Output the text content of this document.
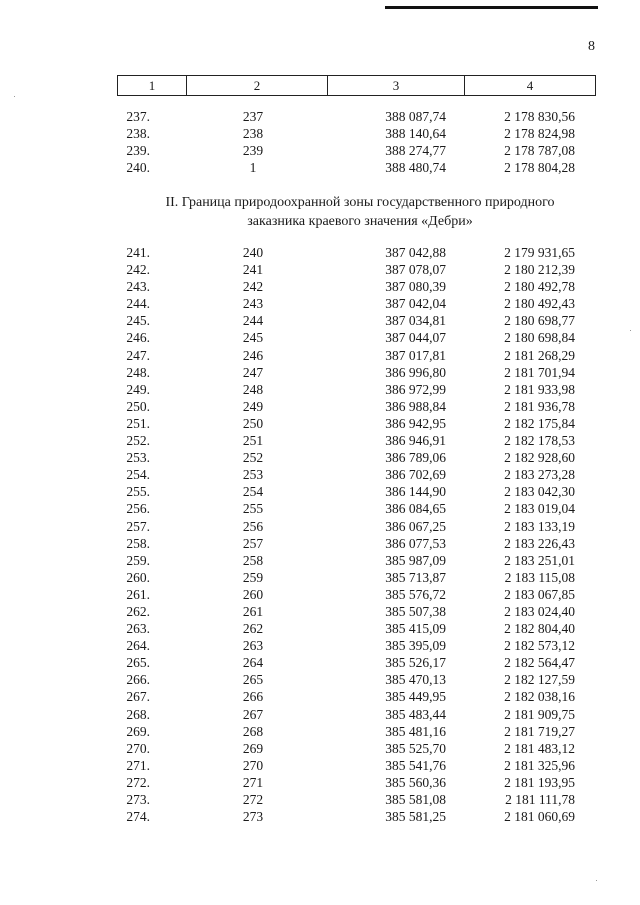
8
1	2	3	4
237.	237	388 087,74	2 178 830,56
238.	238	388 140,64	2 178 824,98
239.	239	388 274,77	2 178 787,08
240.	1	388 480,74	2 178 804,28
II. Граница природоохранной зоны государственного природного
заказника краевого значения «Дебри»
241.	240	387 042,88	2 179 931,65
242.	241	387 078,07	2 180 212,39
243.	242	387 080,39	2 180 492,78
244.	243	387 042,04	2 180 492,43
245.	244	387 034,81	2 180 698,77
246.	245	387 044,07	2 180 698,84
247.	246	387 017,81	2 181 268,29
248.	247	386 996,80	2 181 701,94
249.	248	386 972,99	2 181 933,98
250.	249	386 988,84	2 181 936,78
251.	250	386 942,95	2 182 175,84
252.	251	386 946,91	2 182 178,53
253.	252	386 789,06	2 182 928,60
254.	253	386 702,69	2 183 273,28
255.	254	386 144,90	2 183 042,30
256.	255	386 084,65	2 183 019,04
257.	256	386 067,25	2 183 133,19
258.	257	386 077,53	2 183 226,43
259.	258	385 987,09	2 183 251,01
260.	259	385 713,87	2 183 115,08
261.	260	385 576,72	2 183 067,85
262.	261	385 507,38	2 183 024,40
263.	262	385 415,09	2 182 804,40
264.	263	385 395,09	2 182 573,12
265.	264	385 526,17	2 182 564,47
266.	265	385 470,13	2 182 127,59
267.	266	385 449,95	2 182 038,16
268.	267	385 483,44	2 181 909,75
269.	268	385 481,16	2 181 719,27
270.	269	385 525,70	2 181 483,12
271.	270	385 541,76	2 181 325,96
272.	271	385 560,36	2 181 193,95
273.	272	385 581,08	2 181 111,78
274.	273	385 581,25	2 181 060,69
